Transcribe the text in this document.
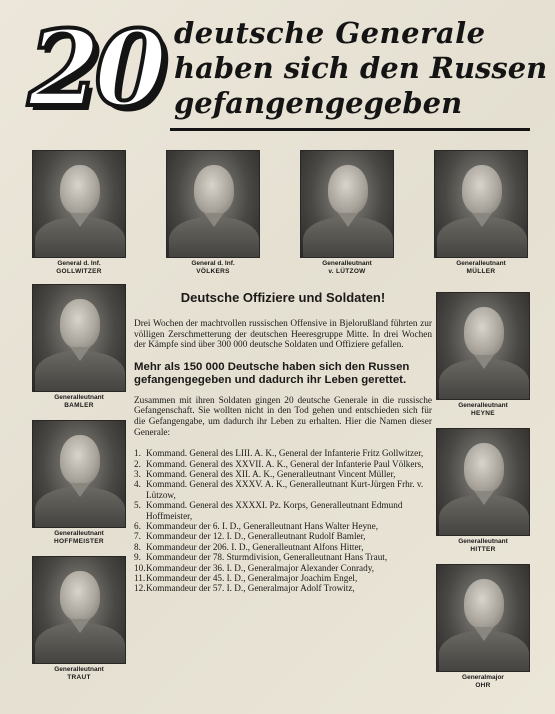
20 deutsche Generale
haben sich den Russen
gefangengegeben
General d. Inf.
GOLLWITZER
General d. Inf.
VÖLKERS
Generalleutnant
v. LÜTZOW
Generalleutnant
MÜLLER
Generalleutnant
BAMLER
Generalleutnant
HOFFMEISTER
Generalleutnant
TRAUT
Generalleutnant
HEYNE
Generalleutnant
HITTER
Generalmajor
OHR
Deutsche Offiziere und Soldaten!

Drei Wochen der machtvollen russischen Offensive in Bjelorußland führten zur völligen Zerschmetterung der deutschen Heeresgruppe Mitte. In drei Wochen der Kämpfe sind über 300 000 deutsche Soldaten und Offiziere gefallen.

Mehr als 150 000 Deutsche haben sich den Russen gefangengegeben und dadurch ihr Leben gerettet.

Zusammen mit ihren Soldaten gingen 20 deutsche Generale in die russische Gefangenschaft. Sie wollten nicht in den Tod gehen und entschieden sich für die Gefangengabe, um dadurch ihr Leben zu erhalten. Hier die Namen dieser Generale:

1. Kommand. General des LIII. A. K., General der Infanterie Fritz Gollwitzer,
2. Kommand. General des XXVII. A. K., General der Infanterie Paul Völkers,
3. Kommand. General des XII. A. K., Generalleutnant Vincent Müller,
4. Kommand. General des XXXV. A. K., Generalleutnant Kurt-Jürgen Frhr. v. Lützow,
5. Kommand. General des XXXXI. Pz. Korps, Generalleutnant Edmund Hoffmeister,
6. Kommandeur der 6. I. D., Generalleutnant Hans Walter Heyne,
7. Kommandeur der 12. I. D., Generalleutnant Rudolf Bamler,
8. Kommandeur der 206. I. D., Generalleutnant Alfons Hitter,
9. Kommandeur der 78. Sturmdivision, Generalleutnant Hans Traut,
10. Kommandeur der 36. I. D., Generalmajor Alexander Conrady,
11. Kommandeur der 45. I. D., Generalmajor Joachim Engel,
12. Kommandeur der 57. I. D., Generalmajor Adolf Trowitz,
